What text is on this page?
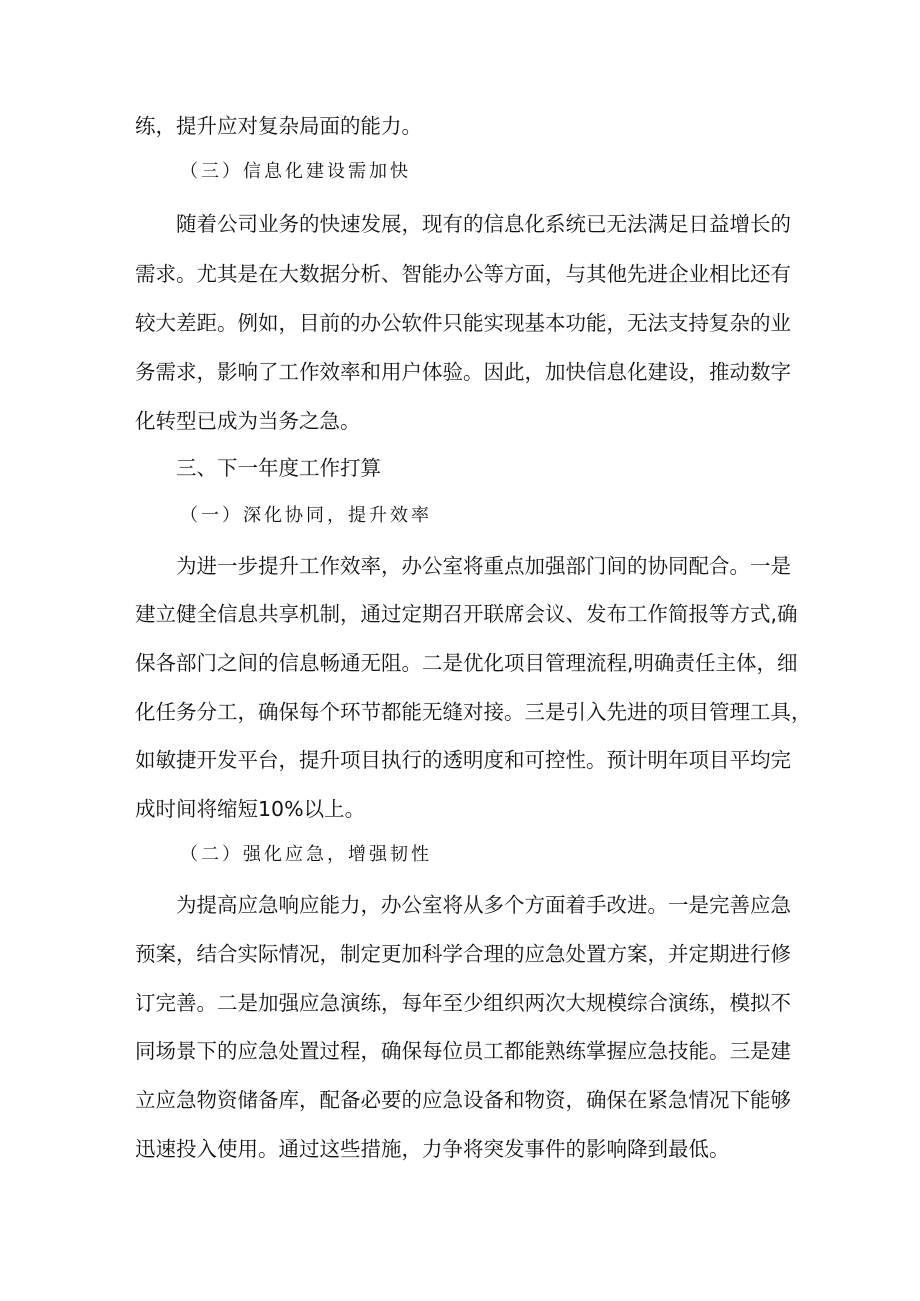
练，提升应对复杂局面的能力。
（三）信息化建设需加快
随着公司业务的快速发展，现有的信息化系统已无法满足日益增长的
需求。尤其是在大数据分析、智能办公等方面，与其他先进企业相比还有
较大差距。例如，目前的办公软件只能实现基本功能，无法支持复杂的业
务需求，影响了工作效率和用户体验。因此，加快信息化建设，推动数字
化转型已成为当务之急。
三、下一年度工作打算
（一）深化协同，提升效率
为进一步提升工作效率，办公室将重点加强部门间的协同配合。一是
建立健全信息共享机制，通过定期召开联席会议、发布工作简报等方式,确
保各部门之间的信息畅通无阻。二是优化项目管理流程,明确责任主体，细
化任务分工，确保每个环节都能无缝对接。三是引入先进的项目管理工具，
如敏捷开发平台，提升项目执行的透明度和可控性。预计明年项目平均完
成时间将缩短10%以上。
（二）强化应急，增强韧性
为提高应急响应能力，办公室将从多个方面着手改进。一是完善应急
预案，结合实际情况，制定更加科学合理的应急处置方案，并定期进行修
订完善。二是加强应急演练，每年至少组织两次大规模综合演练，模拟不
同场景下的应急处置过程，确保每位员工都能熟练掌握应急技能。三是建
立应急物资储备库，配备必要的应急设备和物资，确保在紧急情况下能够
迅速投入使用。通过这些措施，力争将突发事件的影响降到最低。
